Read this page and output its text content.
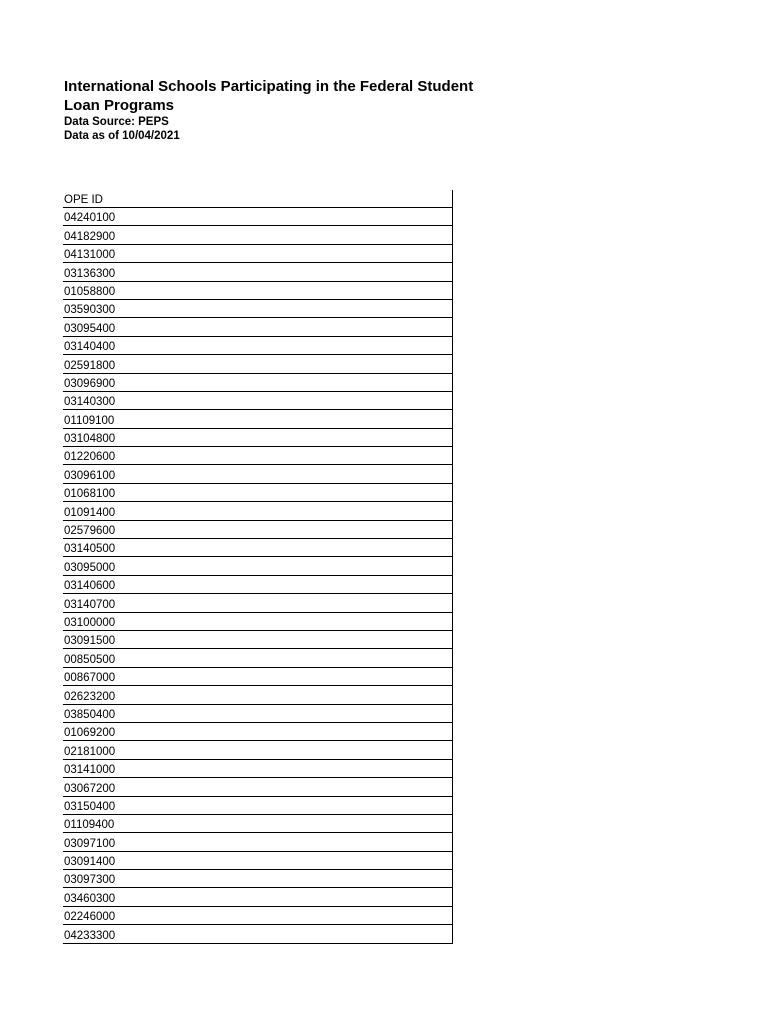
International Schools Participating in the Federal Student Loan Programs

Data Source: PEPS

Data as of 10/04/2021

OPE ID
04240100
04182900
04131000
03136300
01058800
03590300
03095400
03140400
02591800
03096900
03140300
01109100
03104800
01220600
03096100
01068100
01091400
02579600
03140500
03095000
03140600
03140700
03100000
03091500
00850500
00867000
02623200
03850400
01069200
02181000
03141000
03067200
03150400
01109400
03097100
03091400
03097300
03460300
02246000
04233300
